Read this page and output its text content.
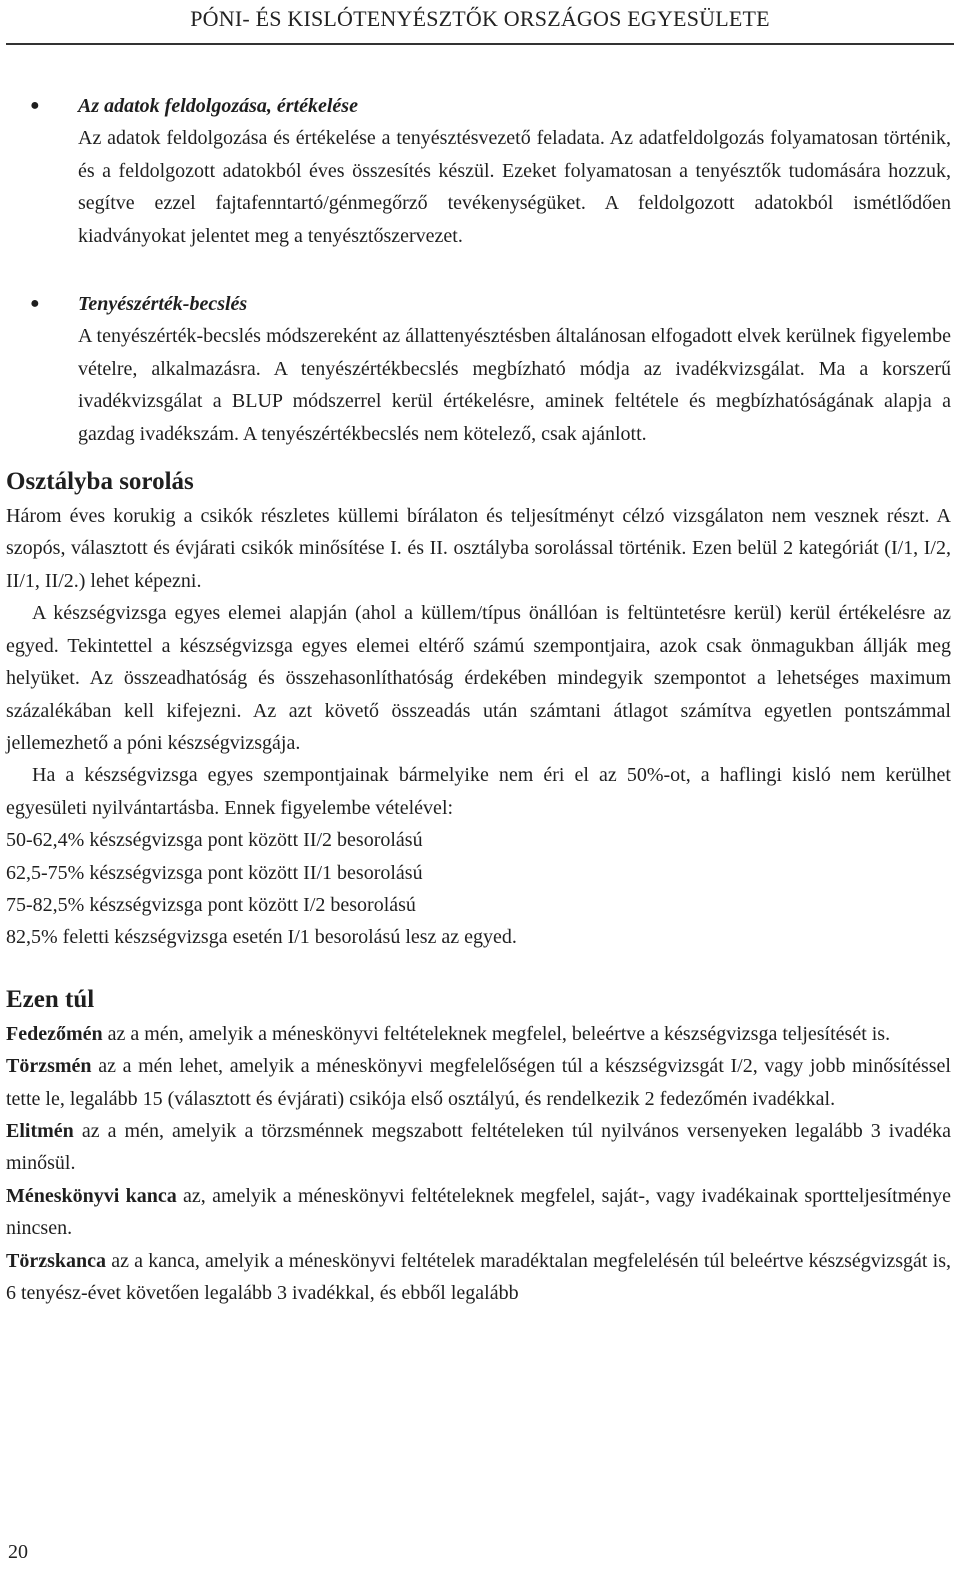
PÓNI- ÉS KISLÓTENYÉSZTŐK ORSZÁGOS EGYESÜLETE
● Az adatok feldolgozása, értékelése

Az adatok feldolgozása és értékelése a tenyésztésvezető feladata. Az adatfeldolgozás folyamatosan történik, és a feldolgozott adatokból éves összesítés készül. Ezeket folyamatosan a tenyésztők tudomására hozzuk, segítve ezzel fajtafenntartó/génmegőrző tevékenységüket. A feldolgozott adatokból ismétlődően kiadványokat jelentet meg a tenyésztőszervezet.

● Tenyészérték-becslés

A tenyészérték-becslés módszereként az állattenyésztésben általánosan elfogadott elvek kerülnek figyelembe vételre, alkalmazásra. A tenyészértékbecslés megbízható módja az ivadékvizsgálat. Ma a korszerű ivadékvizsgálat a BLUP módszerrel kerül értékelésre, aminek feltétele és megbízhatóságának alapja a gazdag ivadékszám. A tenyészértékbecslés nem kötelező, csak ajánlott.

Osztályba sorolás

Három éves korukig a csikók részletes küllemi bírálaton és teljesítményt célzó vizsgálaton nem vesznek részt. A szopós, választott és évjárati csikók minősítése I. és II. osztályba sorolással történik. Ezen belül 2 kategóriát (I/1, I/2, II/1, II/2.) lehet képezni.

A készségvizsga egyes elemei alapján (ahol a küllem/típus önállóan is feltüntetésre kerül) kerül értékelésre az egyed. Tekintettel a készségvizsga egyes elemei eltérő számú szempontjaira, azok csak önmagukban állják meg helyüket. Az összeadhatóság és összehasonlíthatóság érdekében mindegyik szempontot a lehetséges maximum százalékában kell kifejezni. Az azt követő összeadás után számtani átlagot számítva egyetlen pontszámmal jellemezhető a póni készségvizsgája.

Ha a készségvizsga egyes szempontjainak bármelyike nem éri el az 50%-ot, a haflingi kisló nem kerülhet egyesületi nyilvántartásba. Ennek figyelembe vételével:

50-62,4% készségvizsga pont között II/2 besorolású

62,5-75% készségvizsga pont között II/1 besorolású

75-82,5% készségvizsga pont között I/2 besorolású

82,5% feletti készségvizsga esetén I/1 besorolású lesz az egyed.

Ezen túl

Fedezőmén az a mén, amelyik a méneskönyvi feltételeknek megfelel, beleértve a készségvizsga teljesítését is.

Törzsmén az a mén lehet, amelyik a méneskönyvi megfelelőségen túl a készségvizsgát I/2, vagy jobb minősítéssel tette le, legalább 15 (választott és évjárati) csikója első osztályú, és rendelkezik 2 fedezőmén ivadékkal.

Elitmén az a mén, amelyik a törzsménnek megszabott feltételeken túl nyilvános versenyeken legalább 3 ivadéka minősül.

Méneskönyvi kanca az, amelyik a méneskönyvi feltételeknek megfelel, saját-, vagy ivadékainak sportteljesítménye nincsen.

Törzskanca az a kanca, amelyik a méneskönyvi feltételek maradéktalan megfelelésén túl beleértve készségvizsgát is, 6 tenyész-évet követően legalább 3 ivadékkal, és ebből legalább

20
